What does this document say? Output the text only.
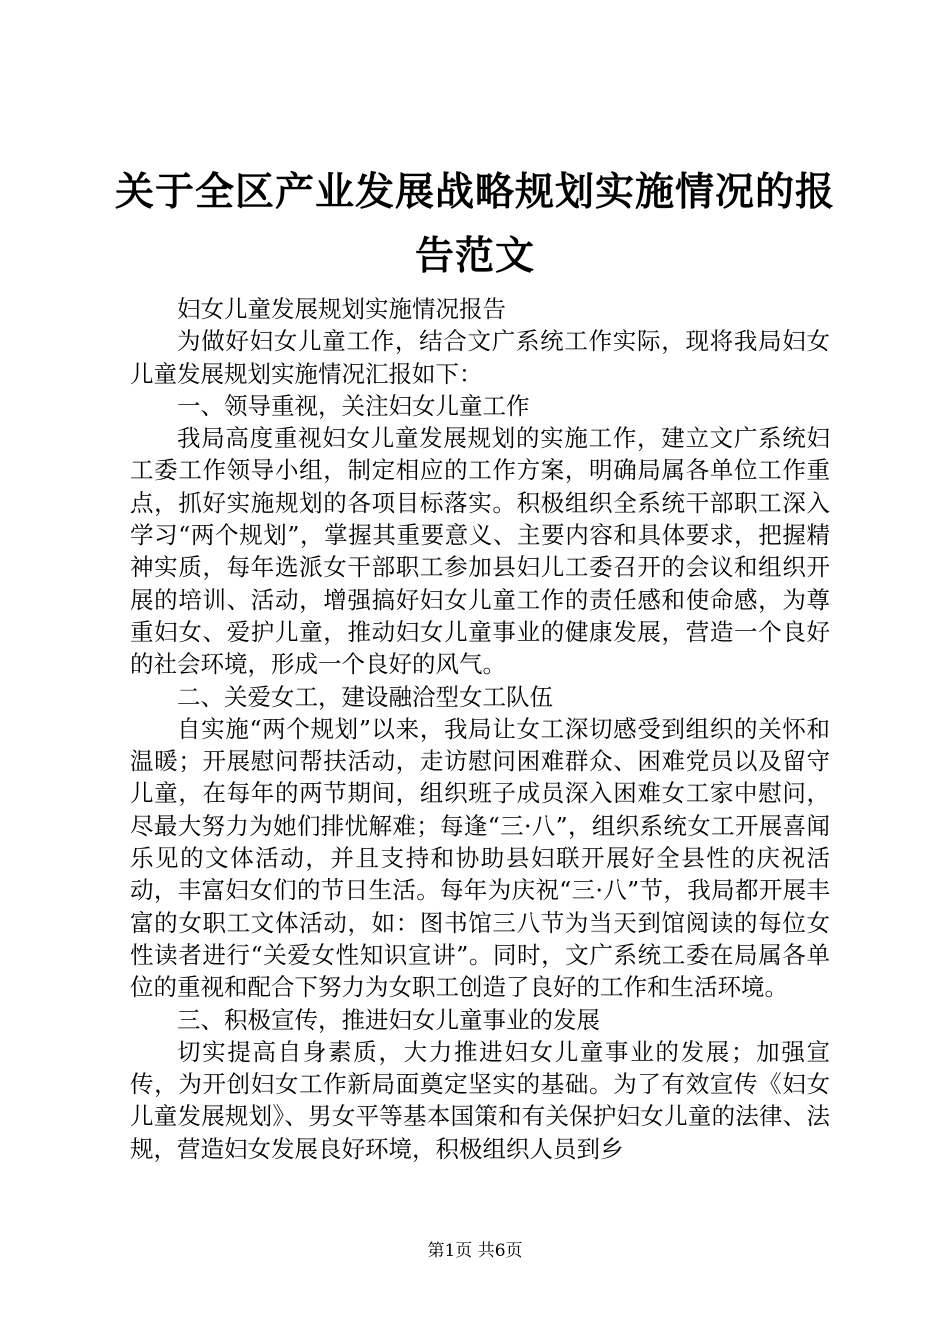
关于全区产业发展战略规划实施情况的报告范文

妇女儿童发展规划实施情况报告

为做好妇女儿童工作，结合文广系统工作实际，现将我局妇女儿童发展规划实施情况汇报如下：

一、领导重视，关注妇女儿童工作

我局高度重视妇女儿童发展规划的实施工作，建立文广系统妇工委工作领导小组，制定相应的工作方案，明确局属各单位工作重点，抓好实施规划的各项目标落实。积极组织全系统干部职工深入学习“两个规划”，掌握其重要意义、主要内容和具体要求，把握精神实质，每年选派女干部职工参加县妇儿工委召开的会议和组织开展的培训、活动，增强搞好妇女儿童工作的责任感和使命感，为尊重妇女、爱护儿童，推动妇女儿童事业的健康发展，营造一个良好的社会环境，形成一个良好的风气。

二、关爱女工，建设融洽型女工队伍

自实施“两个规划”以来，我局让女工深切感受到组织的关怀和温暖；开展慰问帮扶活动，走访慰问困难群众、困难党员以及留守儿童，在每年的两节期间，组织班子成员深入困难女工家中慰问，尽最大努力为她们排忧解难；每逢“三·八”，组织系统女工开展喜闻乐见的文体活动，并且支持和协助县妇联开展好全县性的庆祝活动，丰富妇女们的节日生活。每年为庆祝“三·八”节，我局都开展丰富的女职工文体活动，如：图书馆三八节为当天到馆阅读的每位女性读者进行“关爱女性知识宣讲”。同时，文广系统工委在局属各单位的重视和配合下努力为女职工创造了良好的工作和生活环境。

三、积极宣传，推进妇女儿童事业的发展

切实提高自身素质，大力推进妇女儿童事业的发展；加强宣传，为开创妇女工作新局面奠定坚实的基础。为了有效宣传《妇女儿童发展规划》、男女平等基本国策和有关保护妇女儿童的法律、法规，营造妇女发展良好环境，积极组织人员到乡

第1页 共6页
